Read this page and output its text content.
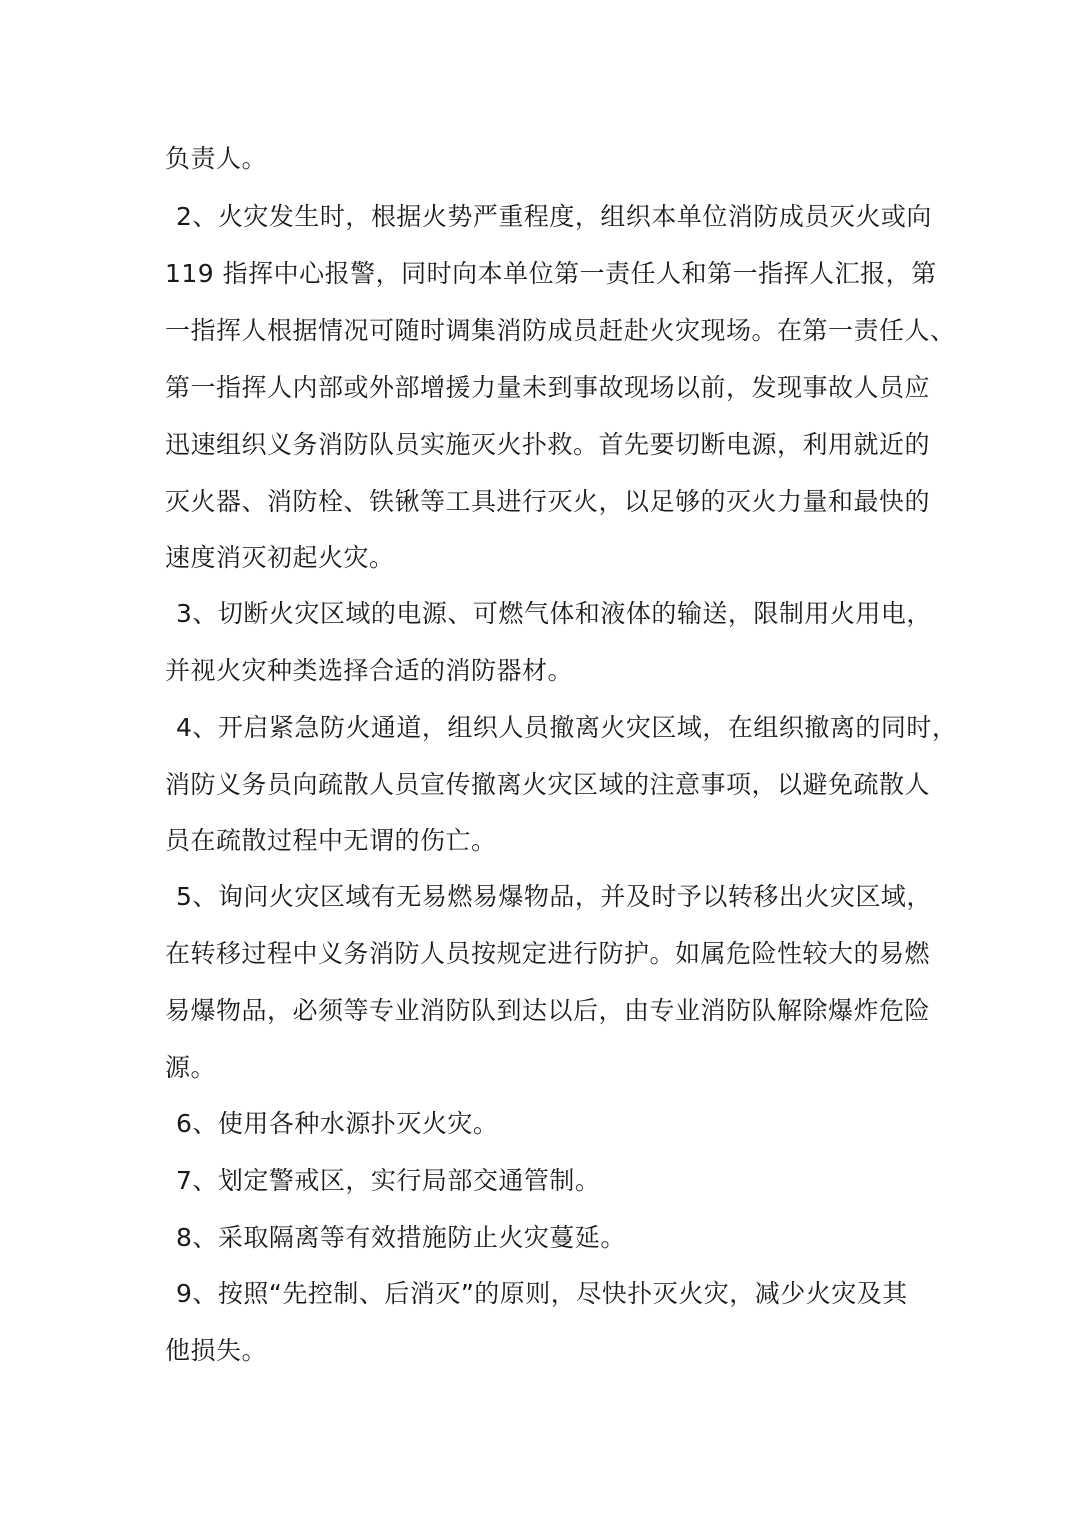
负责人。
2、火灾发生时，根据火势严重程度，组织本单位消防成员灭火或向
119 指挥中心报警，同时向本单位第一责任人和第一指挥人汇报，第
一指挥人根据情况可随时调集消防成员赶赴火灾现场。在第一责任人、
第一指挥人内部或外部增援力量未到事故现场以前，发现事故人员应
迅速组织义务消防队员实施灭火扑救。首先要切断电源，利用就近的
灭火器、消防栓、铁锹等工具进行灭火，以足够的灭火力量和最快的
速度消灭初起火灾。
3、切断火灾区域的电源、可燃气体和液体的输送，限制用火用电，
并视火灾种类选择合适的消防器材。
4、开启紧急防火通道，组织人员撤离火灾区域，在组织撤离的同时，
消防义务员向疏散人员宣传撤离火灾区域的注意事项，以避免疏散人
员在疏散过程中无谓的伤亡。
5、询问火灾区域有无易燃易爆物品，并及时予以转移出火灾区域，
在转移过程中义务消防人员按规定进行防护。如属危险性较大的易燃
易爆物品，必须等专业消防队到达以后，由专业消防队解除爆炸危险
源。
6、使用各种水源扑灭火灾。
7、划定警戒区，实行局部交通管制。
8、采取隔离等有效措施防止火灾蔓延。
9、按照“先控制、后消灭”的原则，尽快扑灭火灾，减少火灾及其
他损失。
